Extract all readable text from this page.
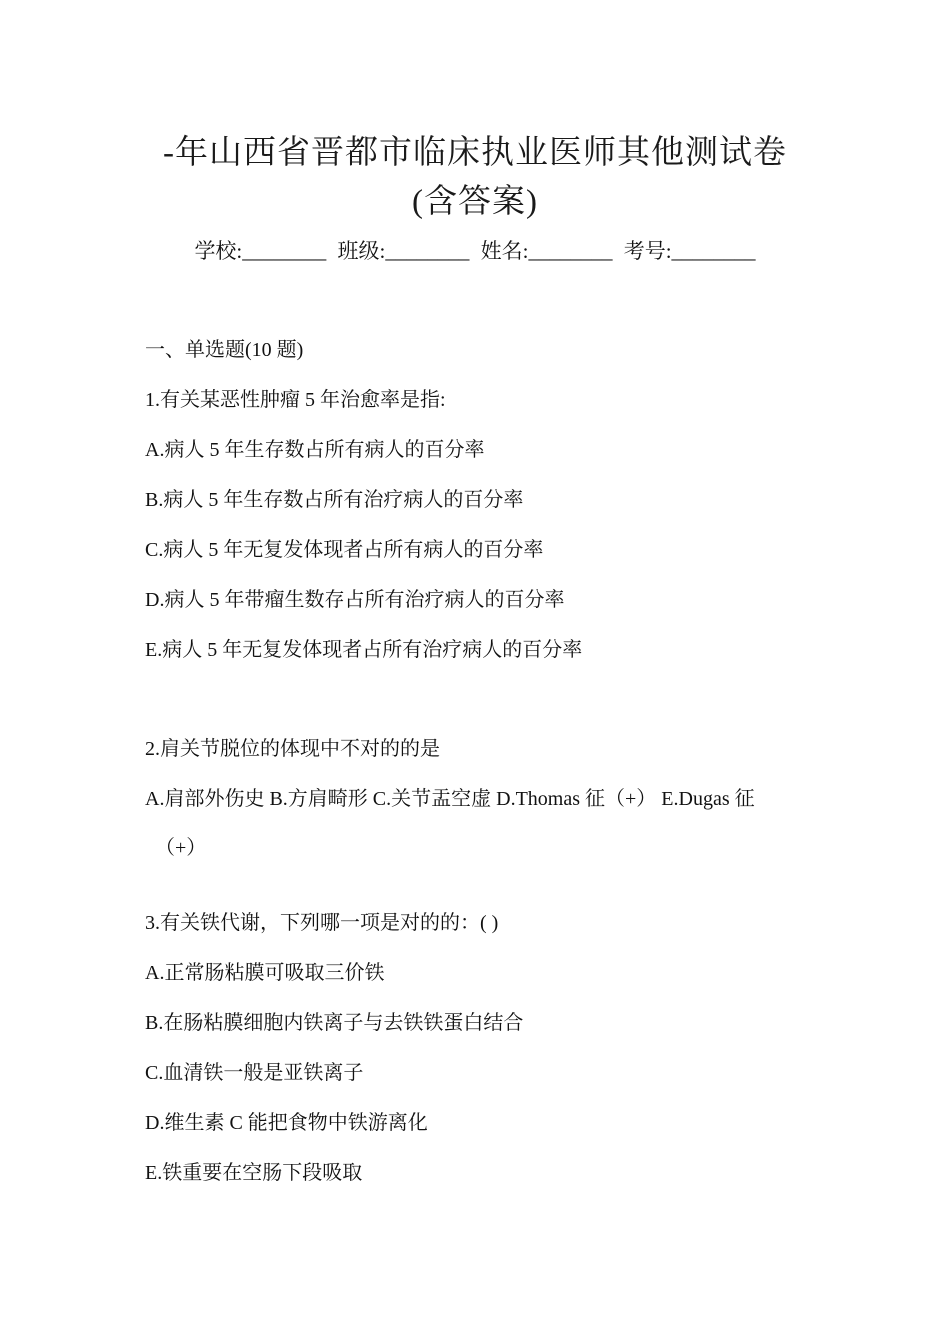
-年山西省晋都市临床执业医师其他测试卷
(含答案)
学校:________ 班级:________ 姓名:________ 考号:________
一、单选题(10 题)
1.有关某恶性肿瘤 5 年治愈率是指:
A.病人 5 年生存数占所有病人的百分率
B.病人 5 年生存数占所有治疗病人的百分率
C.病人 5 年无复发体现者占所有病人的百分率
D.病人 5 年带瘤生数存占所有治疗病人的百分率
E.病人 5 年无复发体现者占所有治疗病人的百分率
2.肩关节脱位的体现中不对的的是
A.肩部外伤史 B.方肩畸形 C.关节盂空虚 D.Thomas 征（+） E.Dugas 征
（+）
3.有关铁代谢，下列哪一项是对的的：( )
A.正常肠粘膜可吸取三价铁
B.在肠粘膜细胞内铁离子与去铁铁蛋白结合
C.血清铁一般是亚铁离子
D.维生素 C 能把食物中铁游离化
E.铁重要在空肠下段吸取
